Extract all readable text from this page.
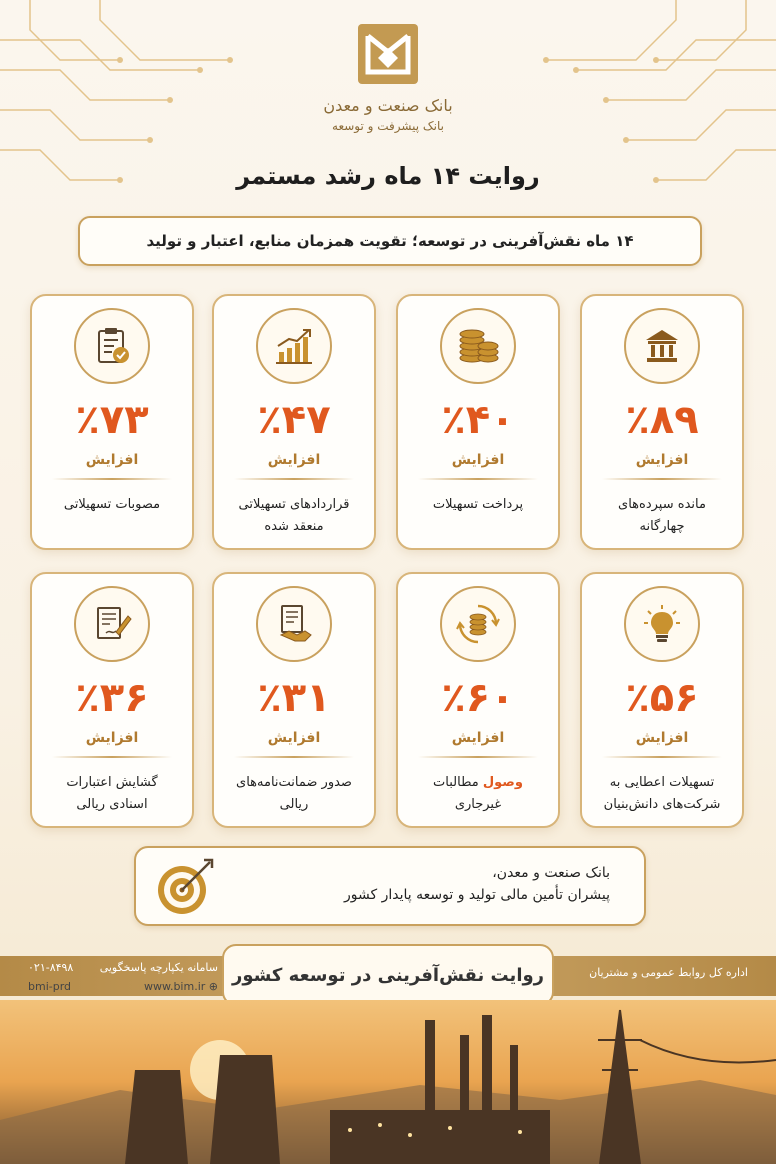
بانک صنعت و معدن
بانک پیشرفت و توسعه
روایت ۱۴ ماه رشد مستمر
۱۴ ماه نقش‌آفرینی در توسعه؛ تقویت همزمان منابع، اعتبار و تولید
٪۸۹
افزایش
مانده سپرده‌های
چهارگانه
٪۴۰
افزایش
پرداخت تسهیلات
٪۴۷
افزایش
قراردادهای تسهیلاتی
منعقد شده
٪۷۳
افزایش
مصوبات تسهیلاتی
٪۵۶
افزایش
تسهیلات اعطایی به
شرکت‌های دانش‌بنیان
٪۶۰
افزایش
وصول مطالبات
غیرجاری
٪۳۱
افزایش
صدور ضمانت‌نامه‌های
ریالی
٪۳۶
افزایش
گشایش اعتبارات
اسنادی ریالی
بانک صنعت و معدن،
پیشران تأمین مالی تولید و توسعه پایدار کشور
اداره کل روابط عمومی و مشتریان
سامانه یکپارچه پاسخگویی
۰۲۱-۸۴۹۸	روایت نقش‌آفرینی در توسعه کشور
⊕ www.bim.ir
bmi-prd
